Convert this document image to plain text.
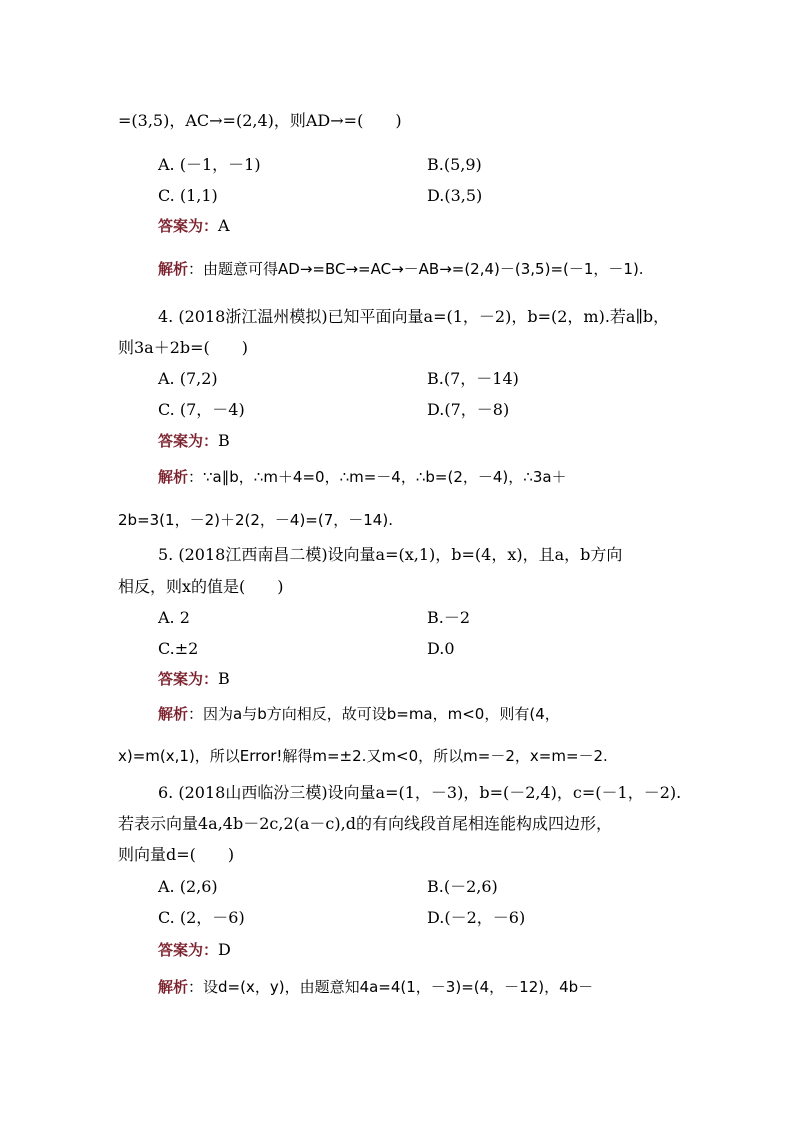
=(3,5)，AC→=(2,4)，则AD→=(　　)
A. (－1，－1)	B.(5,9)
C. (1,1)	D.(3,5)
答案为：A
解析：由题意可得AD→=BC→=AC→－AB→=(2,4)－(3,5)=(－1，－1).
4. (2018浙江温州模拟)已知平面向量a=(1，－2)，b=(2，m).若a∥b，
则3a＋2b=(　　)
A. (7,2)	B.(7，－14)
C. (7，－4)	D.(7，－8)
答案为：B
解析：∵a∥b，∴m＋4=0，∴m=－4，∴b=(2，－4)，∴3a＋
2b=3(1，－2)＋2(2，－4)=(7，－14).
5. (2018江西南昌二模)设向量a=(x,1)，b=(4，x)，且a，b方向
相反，则x的值是(　　)
A. 2	B.－2
C.±2	D.0
答案为：B
解析：因为a与b方向相反，故可设b=ma，m<0，则有(4，
x)=m(x,1)，所以Error!解得m=±2.又m<0，所以m=－2，x=m=－2.
6. (2018山西临汾三模)设向量a=(1，－3)，b=(－2,4)，c=(－1，－2).
若表示向量4a,4b－2c,2(a－c),d的有向线段首尾相连能构成四边形，
则向量d=(　　)
A. (2,6)	B.(－2,6)
C. (2，－6)	D.(－2，－6)
答案为：D
解析：设d=(x，y)，由题意知4a=4(1，－3)=(4，－12)，4b－
